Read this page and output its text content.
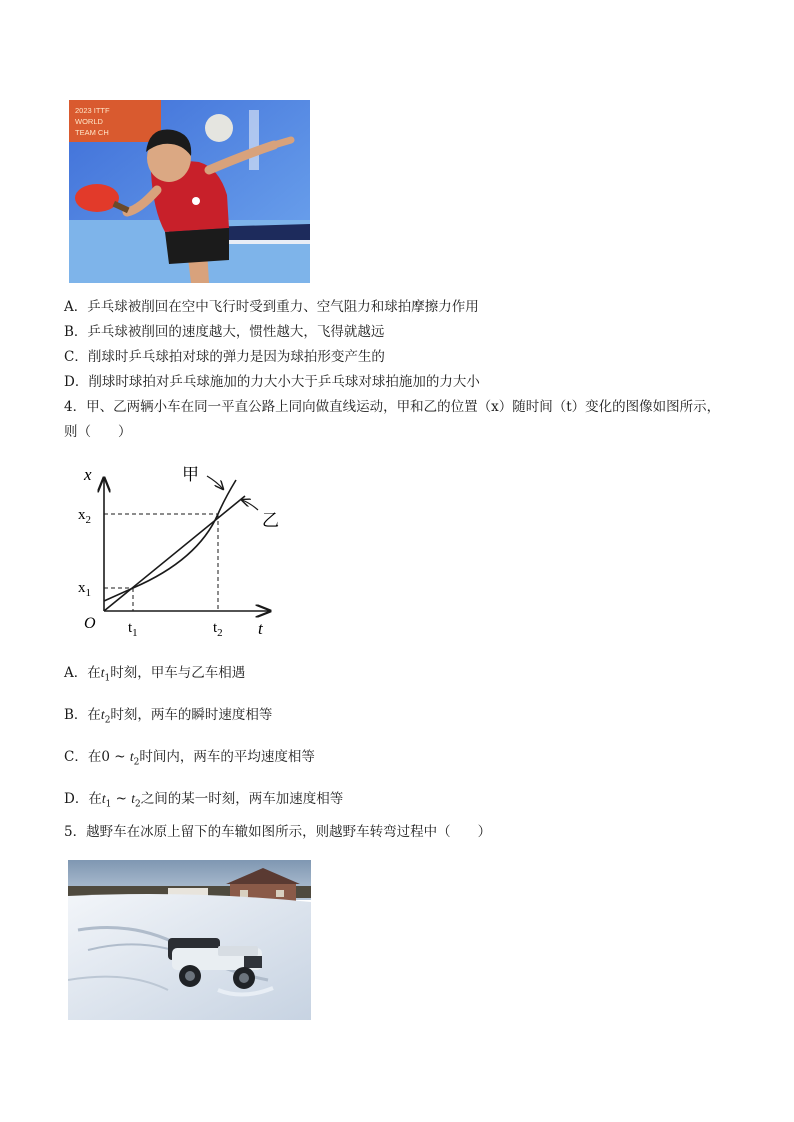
2023 ITTF
WORLD
TEAM CH
A．乒乓球被削回在空中飞行时受到重力、空气阻力和球拍摩擦力作用
B．乒乓球被削回的速度越大，惯性越大，飞得就越远
C．削球时乒乓球拍对球的弹力是因为球拍形变产生的
D．削球时球拍对乒乓球施加的力大小大于乒乓球对球拍施加的力大小
4．甲、乙两辆小车在同一平直公路上同向做直线运动，甲和乙的位置（x）随时间（t）变化的图像如图所示，
则（　　）
x
t
O
甲
乙
$x_2$
$x_1$
$t_1$	$t_2$
A．在$t_1$时刻，甲车与乙车相遇
B．在$t_2$时刻，两车的瞬时速度相等
C．在0 ~ $t_2$时间内，两车的平均速度相等
D．在$t_1$ ~ $t_2$之间的某一时刻，两车加速度相等
5．越野车在冰原上留下的车辙如图所示，则越野车转弯过程中（　　）
